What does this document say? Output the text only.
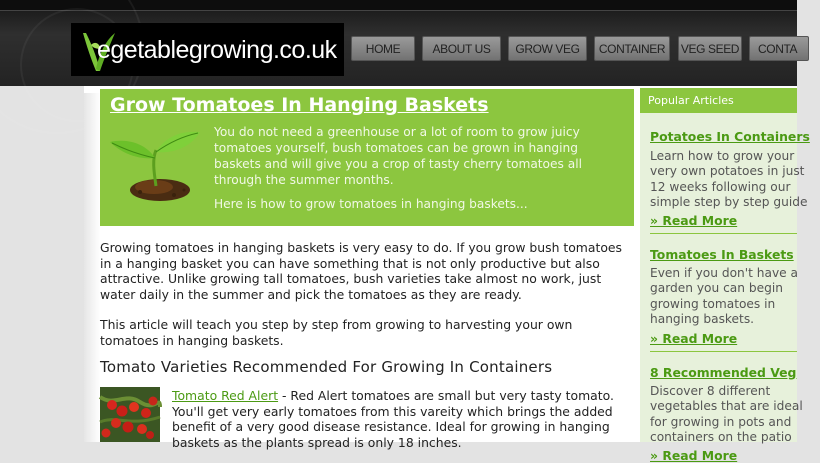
egetablegrowing.co.uk	HOME	ABOUT US	GROW VEG	CONTAINER	VEG SEED	CONTA
Grow Tomatoes In Hanging Baskets
You do not need a greenhouse or a lot of room to grow juicy tomatoes yourself, bush tomatoes can be grown in hanging baskets and will give you a crop of tasty cherry tomatoes all through the summer months.
Here is how to grow tomatoes in hanging baskets...
Growing tomatoes in hanging baskets is very easy to do. If you grow bush tomatoes in a hanging basket you can have something that is not only productive but also attractive. Unlike growing tall tomatoes, bush varieties take almost no work, just water daily in the summer and pick the tomatoes as they are ready.
This article will teach you step by step from growing to harvesting your own tomatoes in hanging baskets.
Tomato Varieties Recommended For Growing In Containers
Tomato Red Alert - Red Alert tomatoes are small but very tasty tomato. You'll get very early tomatoes from this vareity which brings the added benefit of a very good disease resistance. Ideal for growing in hanging baskets as the plants spread is only 18 inches.
Popular Articles
Potatoes In Containers
Learn how to grow your very own potatoes in just 12 weeks following our simple step by step guide
» Read More
Tomatoes In Baskets
Even if you don't have a garden you can begin growing tomatoes in hanging baskets.
» Read More
8 Recommended Veg
Discover 8 different vegetables that are ideal for growing in pots and containers on the patio
» Read More
